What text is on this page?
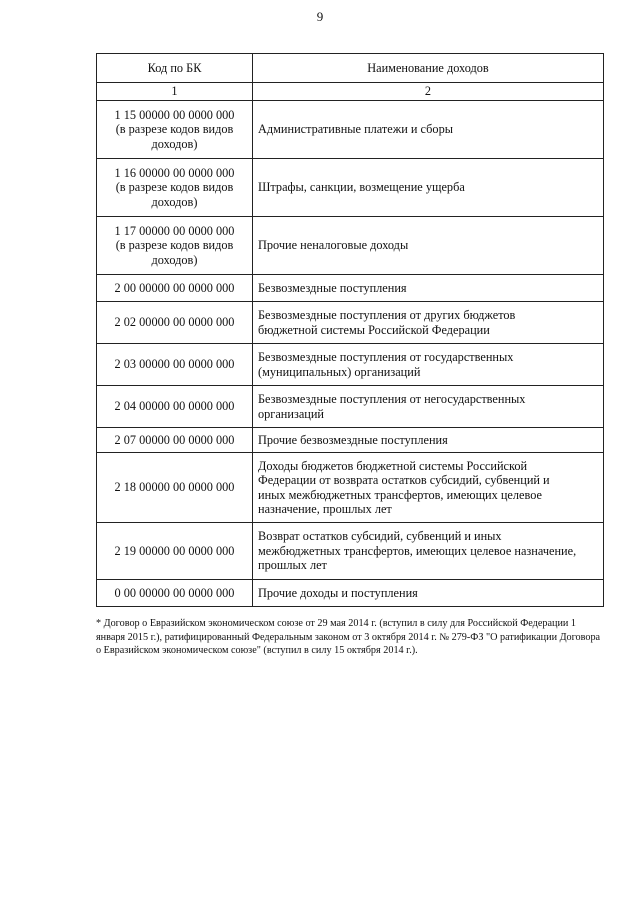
9
Код по БК	Наименование доходов
1	2
1 15 00000 00 0000 000
(в разрезе кодов видов
доходов)	Административные платежи и сборы
1 16 00000 00 0000 000
(в разрезе кодов видов
доходов)	Штрафы, санкции, возмещение ущерба
1 17 00000 00 0000 000
(в разрезе кодов видов
доходов)	Прочие неналоговые доходы
2 00 00000 00 0000 000	Безвозмездные поступления
2 02 00000 00 0000 000	Безвозмездные поступления от других бюджетов
бюджетной системы Российской Федерации
2 03 00000 00 0000 000	Безвозмездные поступления от государственных
(муниципальных) организаций
2 04 00000 00 0000 000	Безвозмездные поступления от негосударственных
организаций
2 07 00000 00 0000 000	Прочие безвозмездные поступления
2 18 00000 00 0000 000	Доходы бюджетов бюджетной системы Российской
Федерации от возврата остатков субсидий, субвенций и
иных межбюджетных трансфертов, имеющих целевое
назначение, прошлых лет
2 19 00000 00 0000 000	Возврат остатков субсидий, субвенций и иных
межбюджетных трансфертов, имеющих целевое назначение,
прошлых лет
0 00 00000 00 0000 000	Прочие доходы и поступления
* Договор о Евразийском экономическом союзе от 29 мая 2014 г. (вступил в силу для Российской Федерации 1 января 2015 г.), ратифицированный Федеральным законом от 3 октября 2014 г. № 279-ФЗ "О ратификации Договора о Евразийском экономическом союзе" (вступил в силу 15 октября 2014 г.).
